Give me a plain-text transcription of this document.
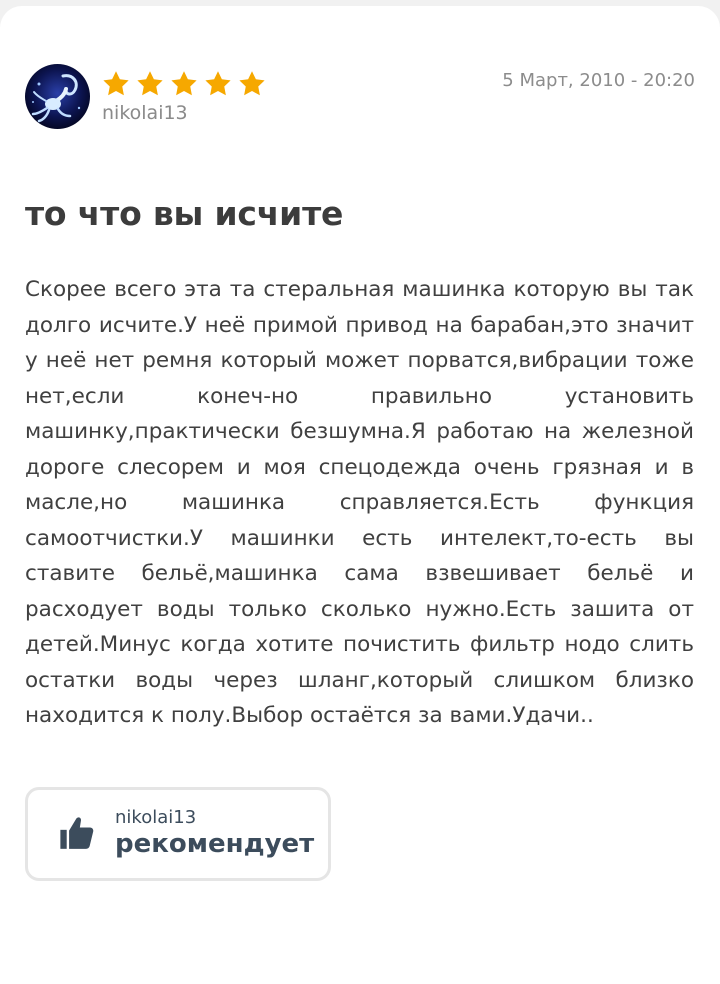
nikolai13
5 Март, 2010 - 20:20
то что вы исчите

Скорее всего эта та стеральная машинка которую вы так долго исчите.У неё примой привод на барабан,это значит у неё нет ремня который может порватся,вибрации тоже нет,если конеч-но правильно установить машинку,практически безшумна.Я работаю на железной дороге слесорем и моя спецодежда очень грязная и в масле,но машинка справляется.Есть функция самоотчистки.У машинки есть интелект,то-есть вы ставите бельё,машинка сама взвешивает бельё и расходует воды только сколько нужно.Есть зашита от детей.Минус когда хотите почистить фильтр нодо слить остатки воды через шланг,который слишком близко находится к полу.Выбор остаётся за вами.Удачи..

nikolai13
рекомендует
